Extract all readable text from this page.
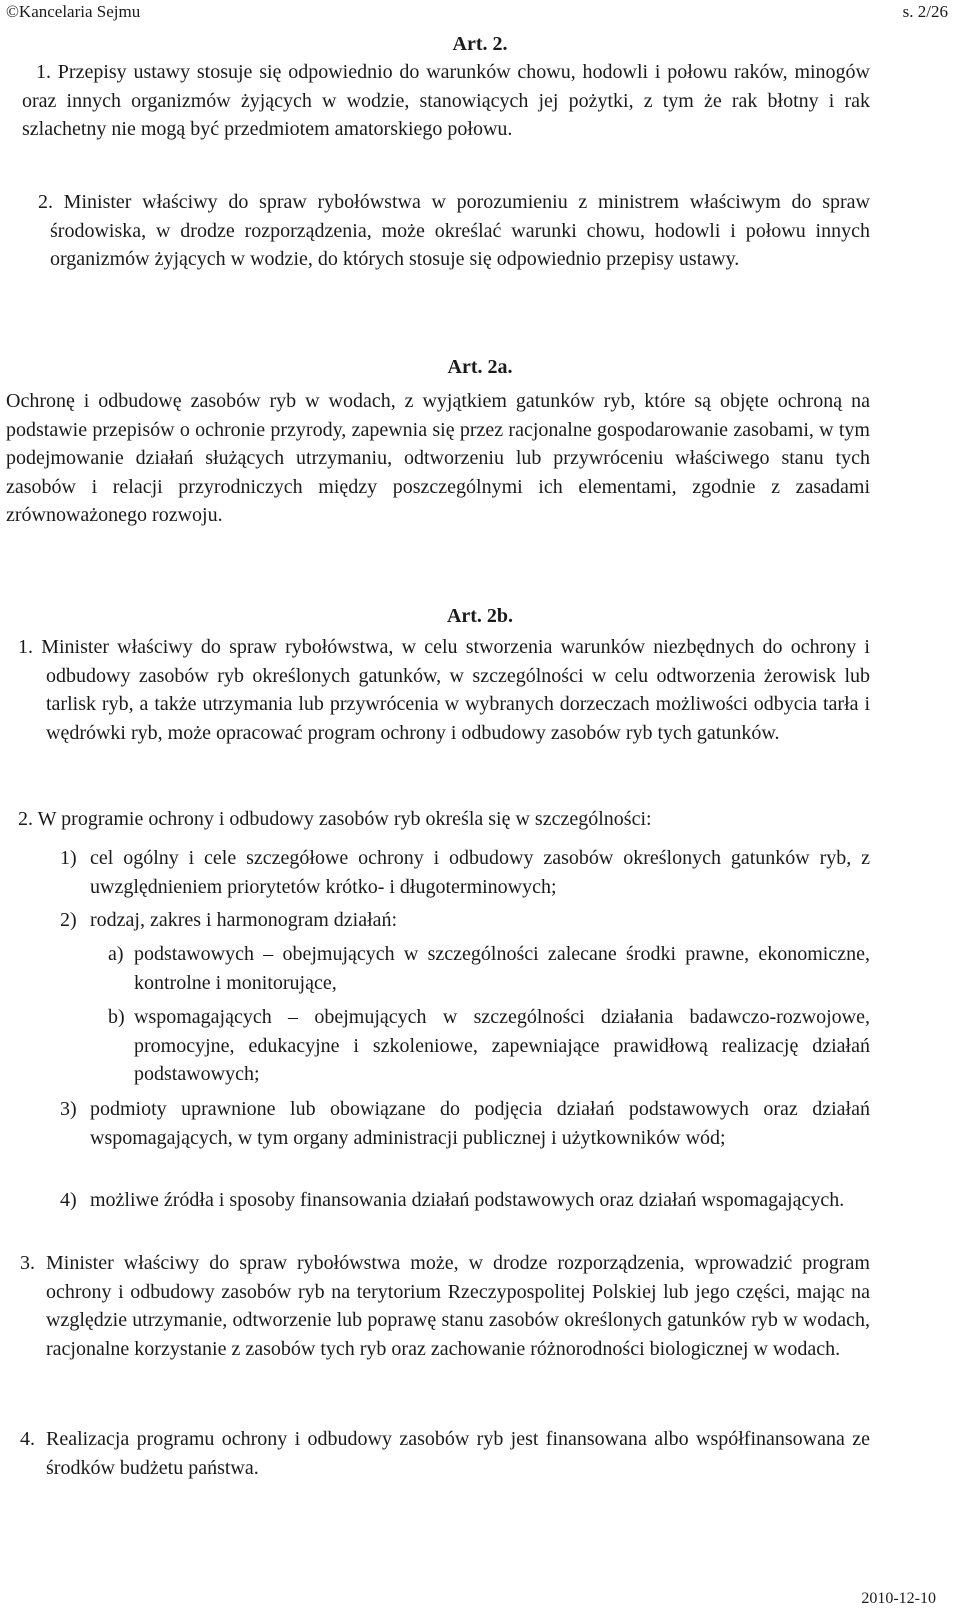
©Kancelaria Sejmu	s. 2/26
Art. 2.
1. Przepisy ustawy stosuje się odpowiednio do warunków chowu, hodowli i połowu raków, minogów oraz innych organizmów żyjących w wodzie, stanowiących jej pożytki, z tym że rak błotny i rak szlachetny nie mogą być przedmiotem amatorskiego połowu.
2. Minister właściwy do spraw rybołówstwa w porozumieniu z ministrem właściwym do spraw środowiska, w drodze rozporządzenia, może określać warunki chowu, hodowli i połowu innych organizmów żyjących w wodzie, do których stosuje się odpowiednio przepisy ustawy.
Art. 2a.
Ochronę i odbudowę zasobów ryb w wodach, z wyjątkiem gatunków ryb, które są objęte ochroną na podstawie przepisów o ochronie przyrody, zapewnia się przez racjonalne gospodarowanie zasobami, w tym podejmowanie działań służących utrzymaniu, odtworzeniu lub przywróceniu właściwego stanu tych zasobów i relacji przyrodniczych między poszczególnymi ich elementami, zgodnie z zasadami zrównoważonego rozwoju.
Art. 2b.
1. Minister właściwy do spraw rybołówstwa, w celu stworzenia warunków niezbędnych do ochrony i odbudowy zasobów ryb określonych gatunków, w szczególności w celu odtworzenia żerowisk lub tarlisk ryb, a także utrzymania lub przywrócenia w wybranych dorzeczach możliwości odbycia tarła i wędrówki ryb, może opracować program ochrony i odbudowy zasobów ryb tych gatunków.
2. W programie ochrony i odbudowy zasobów ryb określa się w szczególności:
1) cel ogólny i cele szczegółowe ochrony i odbudowy zasobów określonych gatunków ryb, z uwzględnieniem priorytetów krótko- i długoterminowych;
2) rodzaj, zakres i harmonogram działań:
a) podstawowych – obejmujących w szczególności zalecane środki prawne, ekonomiczne, kontrolne i monitorujące,
b) wspomagających – obejmujących w szczególności działania badawczo-rozwojowe, promocyjne, edukacyjne i szkoleniowe, zapewniające prawidłową realizację działań podstawowych;
3) podmioty uprawnione lub obowiązane do podjęcia działań podstawowych oraz działań wspomagających, w tym organy administracji publicznej i użytkowników wód;
4) możliwe źródła i sposoby finansowania działań podstawowych oraz działań wspomagających.
3. Minister właściwy do spraw rybołówstwa może, w drodze rozporządzenia, wprowadzić program ochrony i odbudowy zasobów ryb na terytorium Rzeczypospolitej Polskiej lub jego części, mając na względzie utrzymanie, odtworzenie lub poprawę stanu zasobów określonych gatunków ryb w wodach, racjonalne korzystanie z zasobów tych ryb oraz zachowanie różnorodności biologicznej w wodach.
4. Realizacja programu ochrony i odbudowy zasobów ryb jest finansowana albo współfinansowana ze środków budżetu państwa.
2010-12-10
